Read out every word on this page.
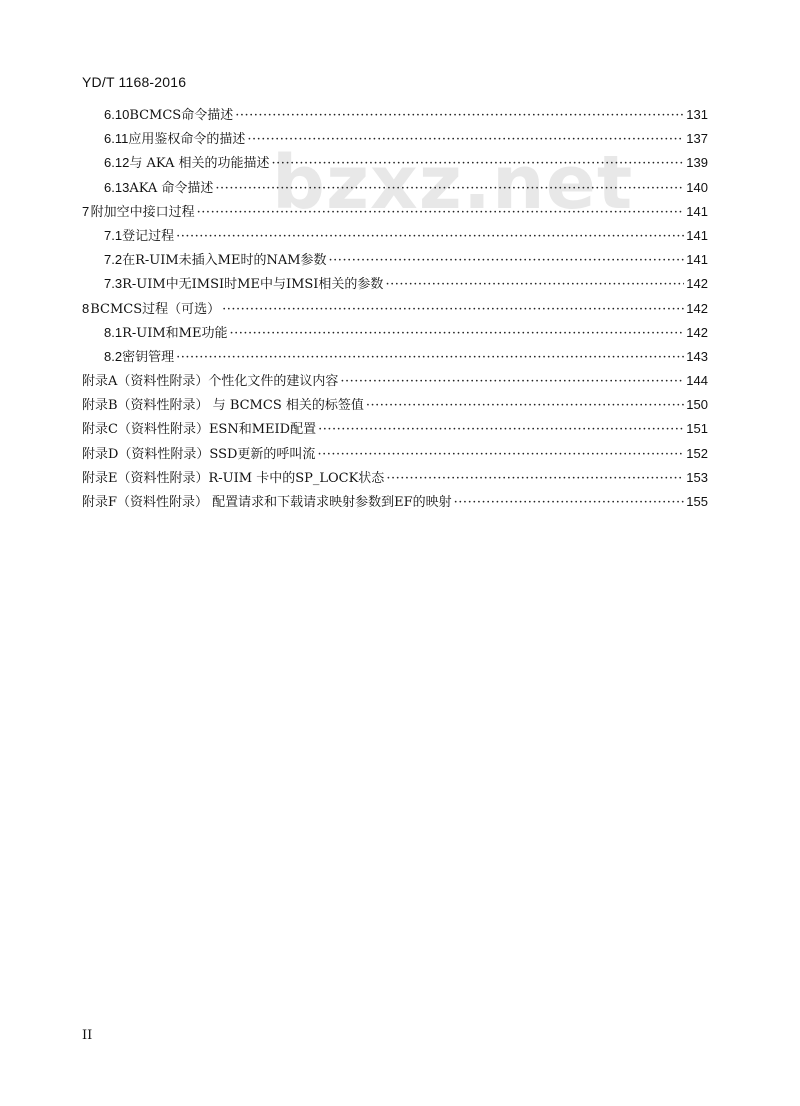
YD/T 1168-2016
bzxz.net
6.10 BCMCS命令描述 ·····	131
6.11 应用鉴权命令的描述 ·····	137
6.12 与 AKA 相关的功能描述 ·····	139
6.13 AKA 命令描述 ·····	140
7 附加空中接口过程 ·····	141
7.1 登记过程 ·····	141
7.2 在R-UIM未插入ME时的NAM参数 ·····	141
7.3 R-UIM中无IMSI时ME中与IMSI相关的参数 ·····	142
8 BCMCS过程（可选） ·····	142
8.1 R-UIM和ME功能 ·····	142
8.2 密钥管理 ·····	143
附录A（资料性附录）个性化文件的建议内容 ·····	144
附录B（资料性附录） 与 BCMCS 相关的标签值 ·····	150
附录C（资料性附录）ESN和MEID配置 ·····	151
附录D（资料性附录）SSD更新的呼叫流 ·····	152
附录E（资料性附录）R-UIM 卡中的SP_LOCK状态 ·····	153
附录F（资料性附录） 配置请求和下载请求映射参数到EF的映射 ·····	155
II
